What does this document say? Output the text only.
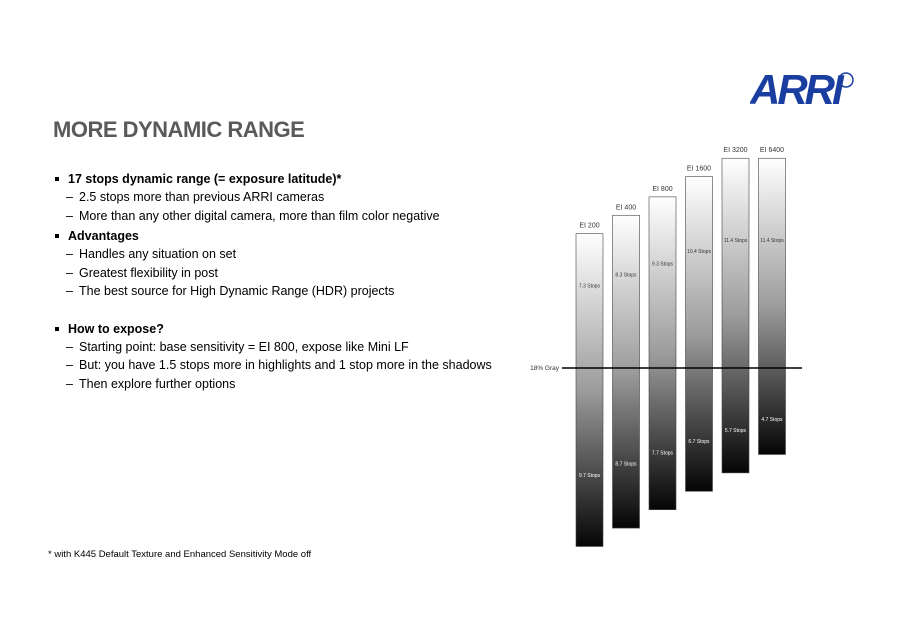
ARRI
MORE DYNAMIC RANGE
17 stops dynamic range (= exposure latitude)*
– 2.5 stops more than previous ARRI cameras
– More than any other digital camera, more than film color negative
Advantages
– Handles any situation on set
– Greatest flexibility in post
– The best source for High Dynamic Range (HDR) projects
How to expose?
– Starting point: base sensitivity = EI 800, expose like Mini LF
– But: you have 1.5 stops more in highlights and 1 stop more in the shadows
– Then explore further options
* with K445 Default Texture and Enhanced Sensitivity Mode off
EI 200
7.3 Stops
9.7 Stops
EI 400
8.3 Stops
8.7 Stops
EI 800
9.3 Stops
7.7 Stops
EI 1600
10.4 Stops
6.7 Stops
EI 3200
11.4 Stops
5.7 Stops
EI 6400
11.4 Stops
4.7 Stops
18% Gray
